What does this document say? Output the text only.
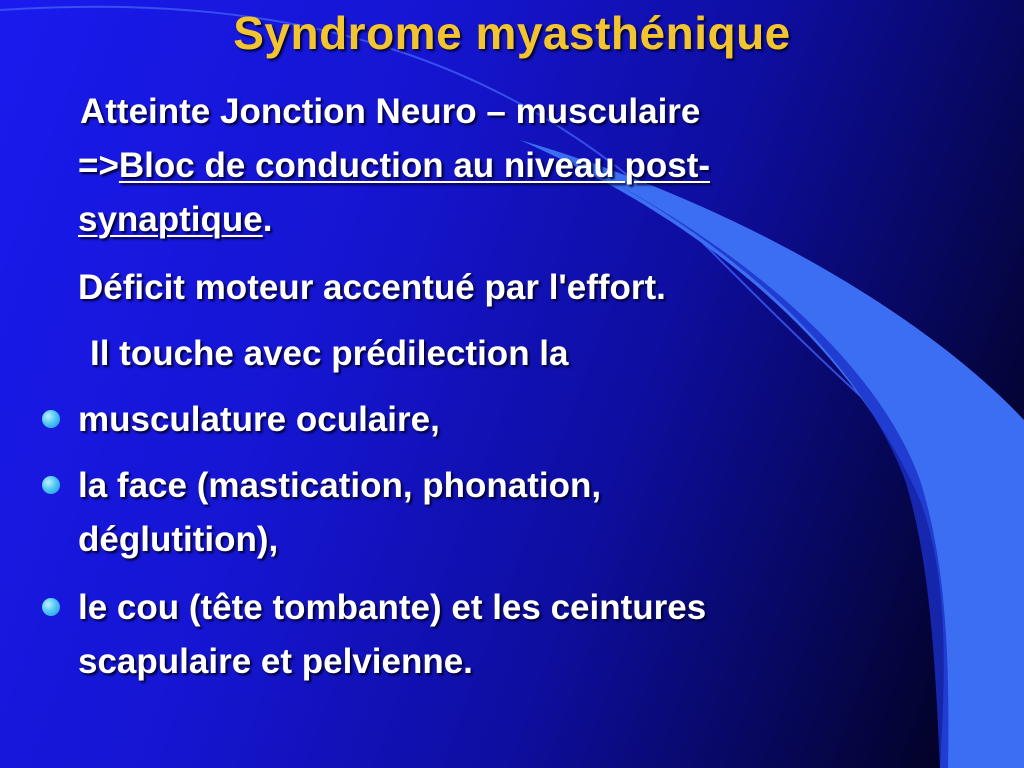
Syndrome myasthénique
Atteinte Jonction Neuro – musculaire
=>Bloc de conduction au niveau post-
synaptique.
Déficit moteur accentué par l'effort.
Il touche avec prédilection la
musculature oculaire,
la face (mastication, phonation,
déglutition),
le cou (tête tombante) et les ceintures
scapulaire et pelvienne.
